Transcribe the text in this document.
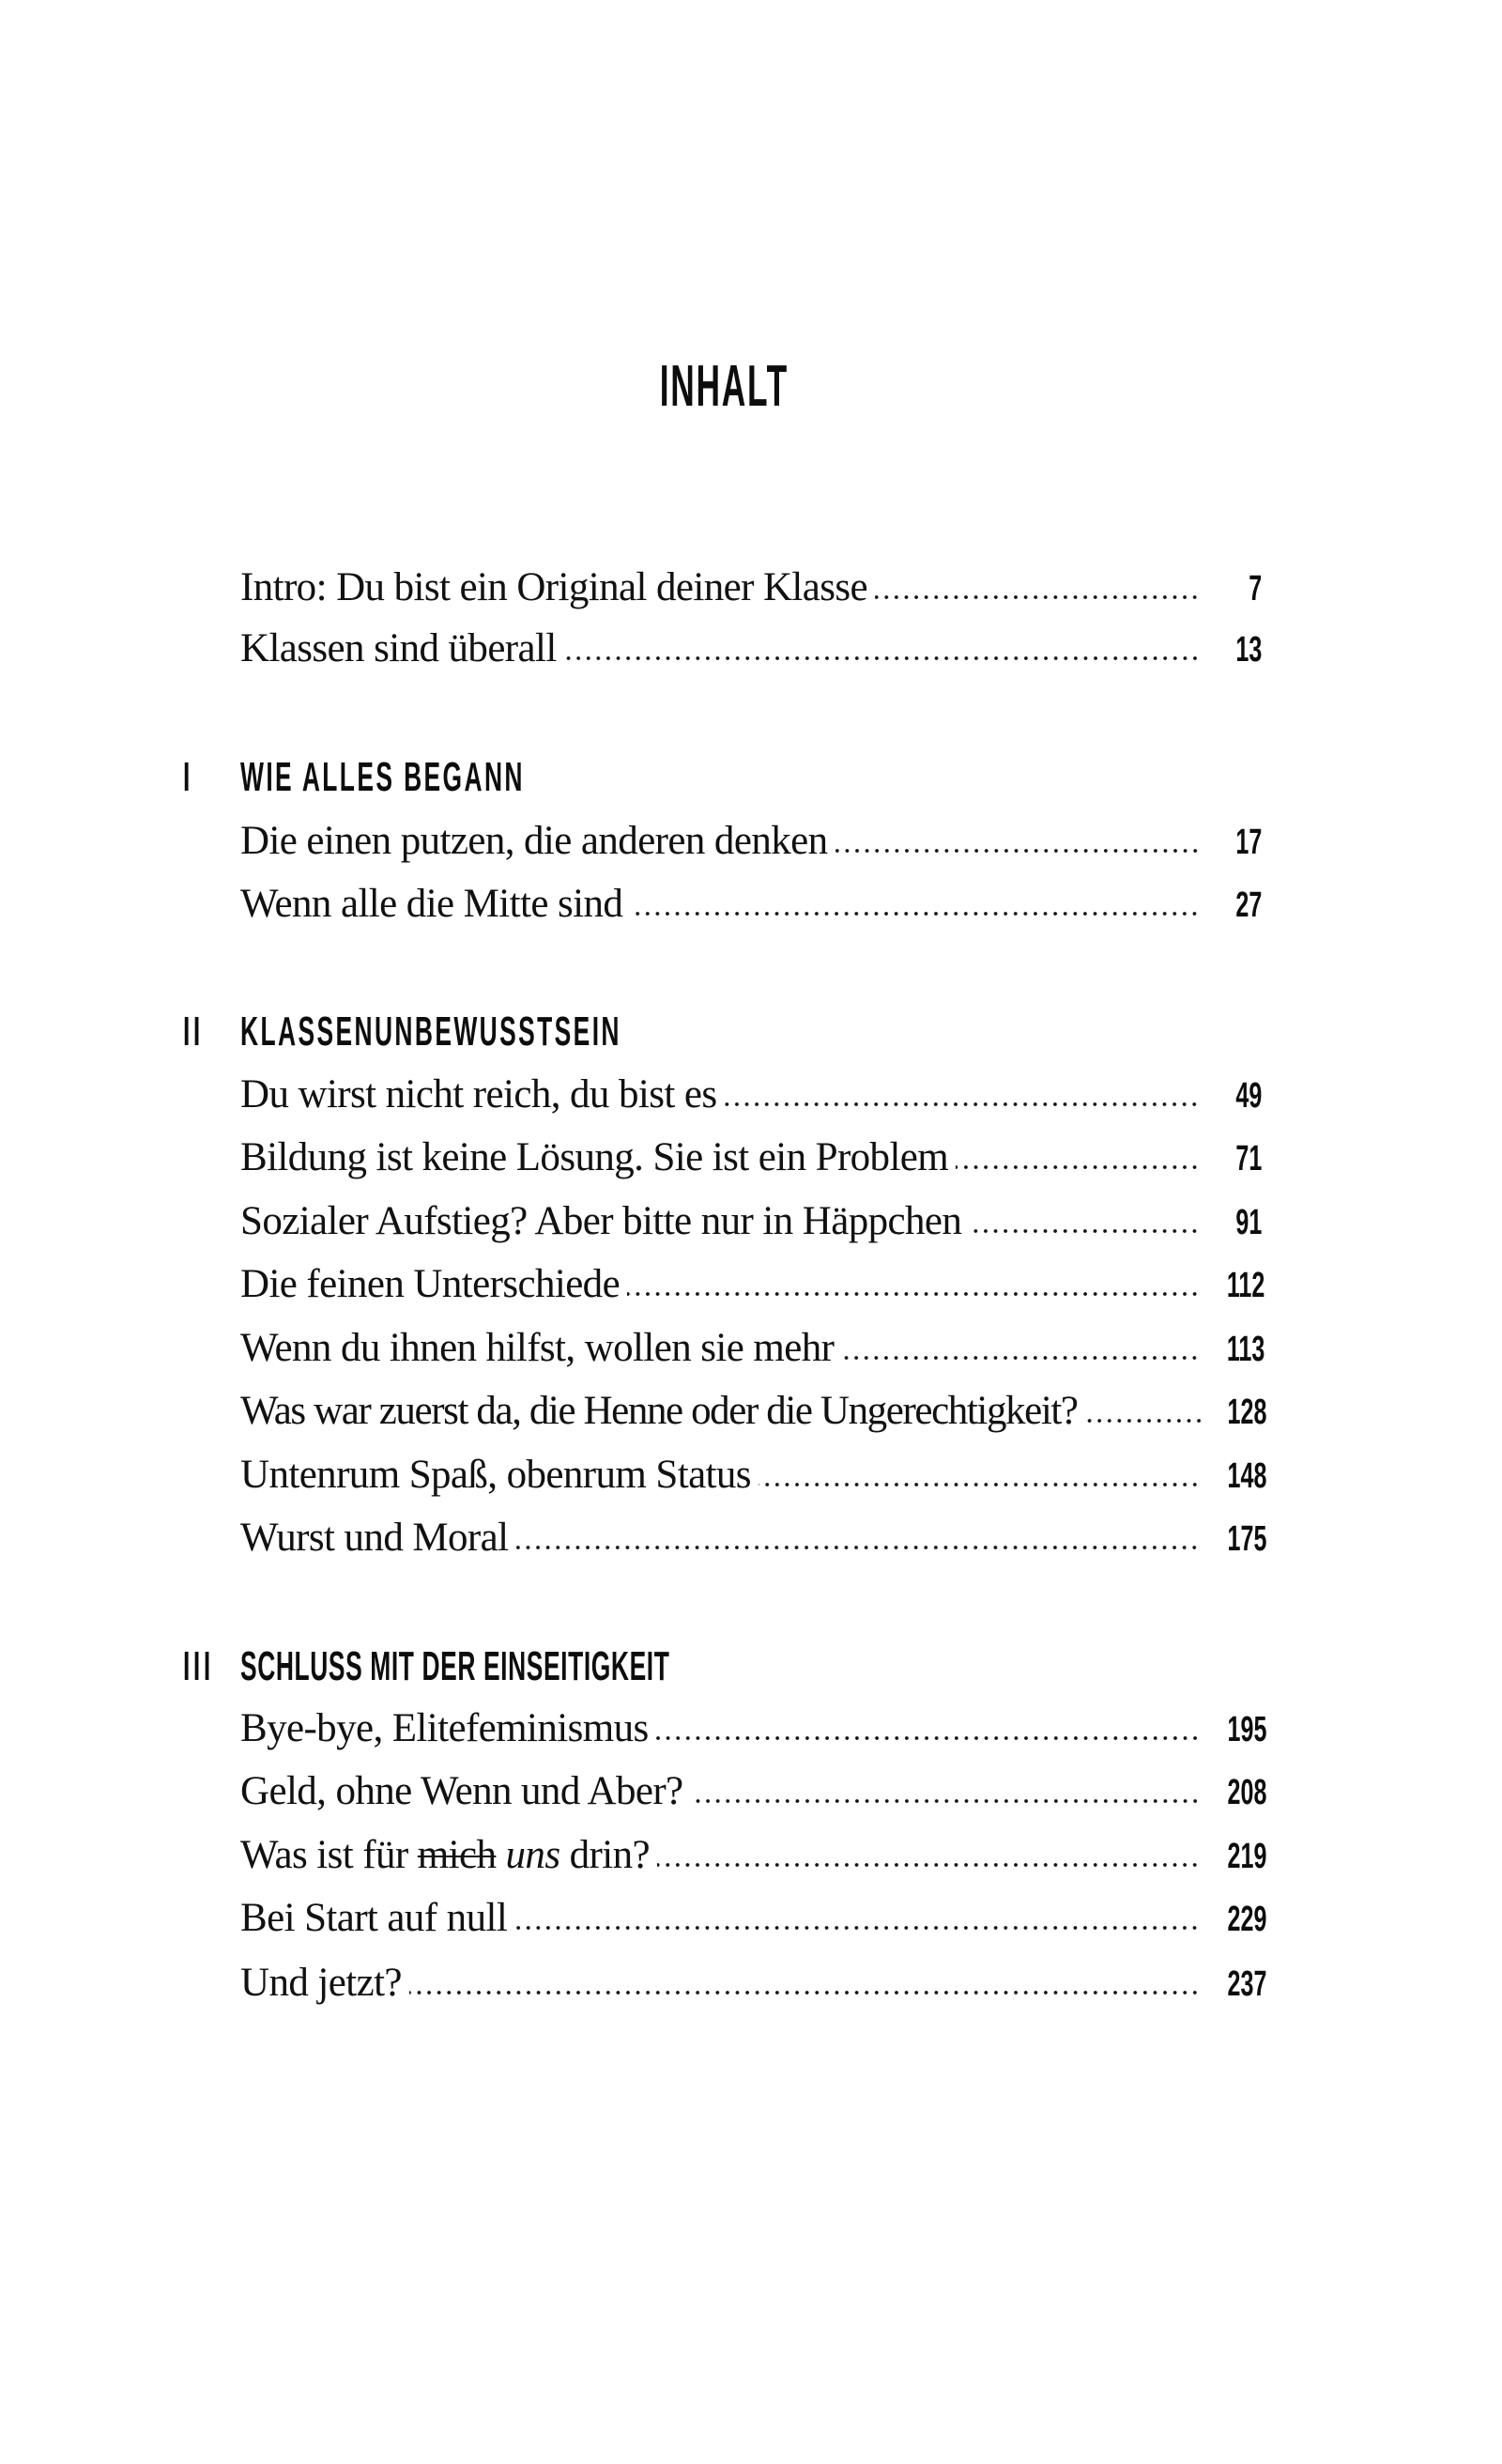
INHALT
Intro: Du bist ein Original deiner Klasse	7
Klassen sind überall	13
I WIE ALLES BEGANN
Die einen putzen, die anderen denken	17
Wenn alle die Mitte sind	27
II KLASSENUNBEWUSSTSEIN
Du wirst nicht reich, du bist es	49
Bildung ist keine Lösung. Sie ist ein Problem	71
Sozialer Aufstieg? Aber bitte nur in Häppchen	91
Die feinen Unterschiede	112
Wenn du ihnen hilfst, wollen sie mehr	113
Was war zuerst da, die Henne oder die Ungerechtigkeit?	128
Untenrum Spaß, obenrum Status	148
Wurst und Moral	175
III SCHLUSS MIT DER EINSEITIGKEIT
Bye-bye, Elitefeminismus	195
Geld, ohne Wenn und Aber?	208
Was ist für mich uns drin?	219
Bei Start auf null	229
Und jetzt?	237
